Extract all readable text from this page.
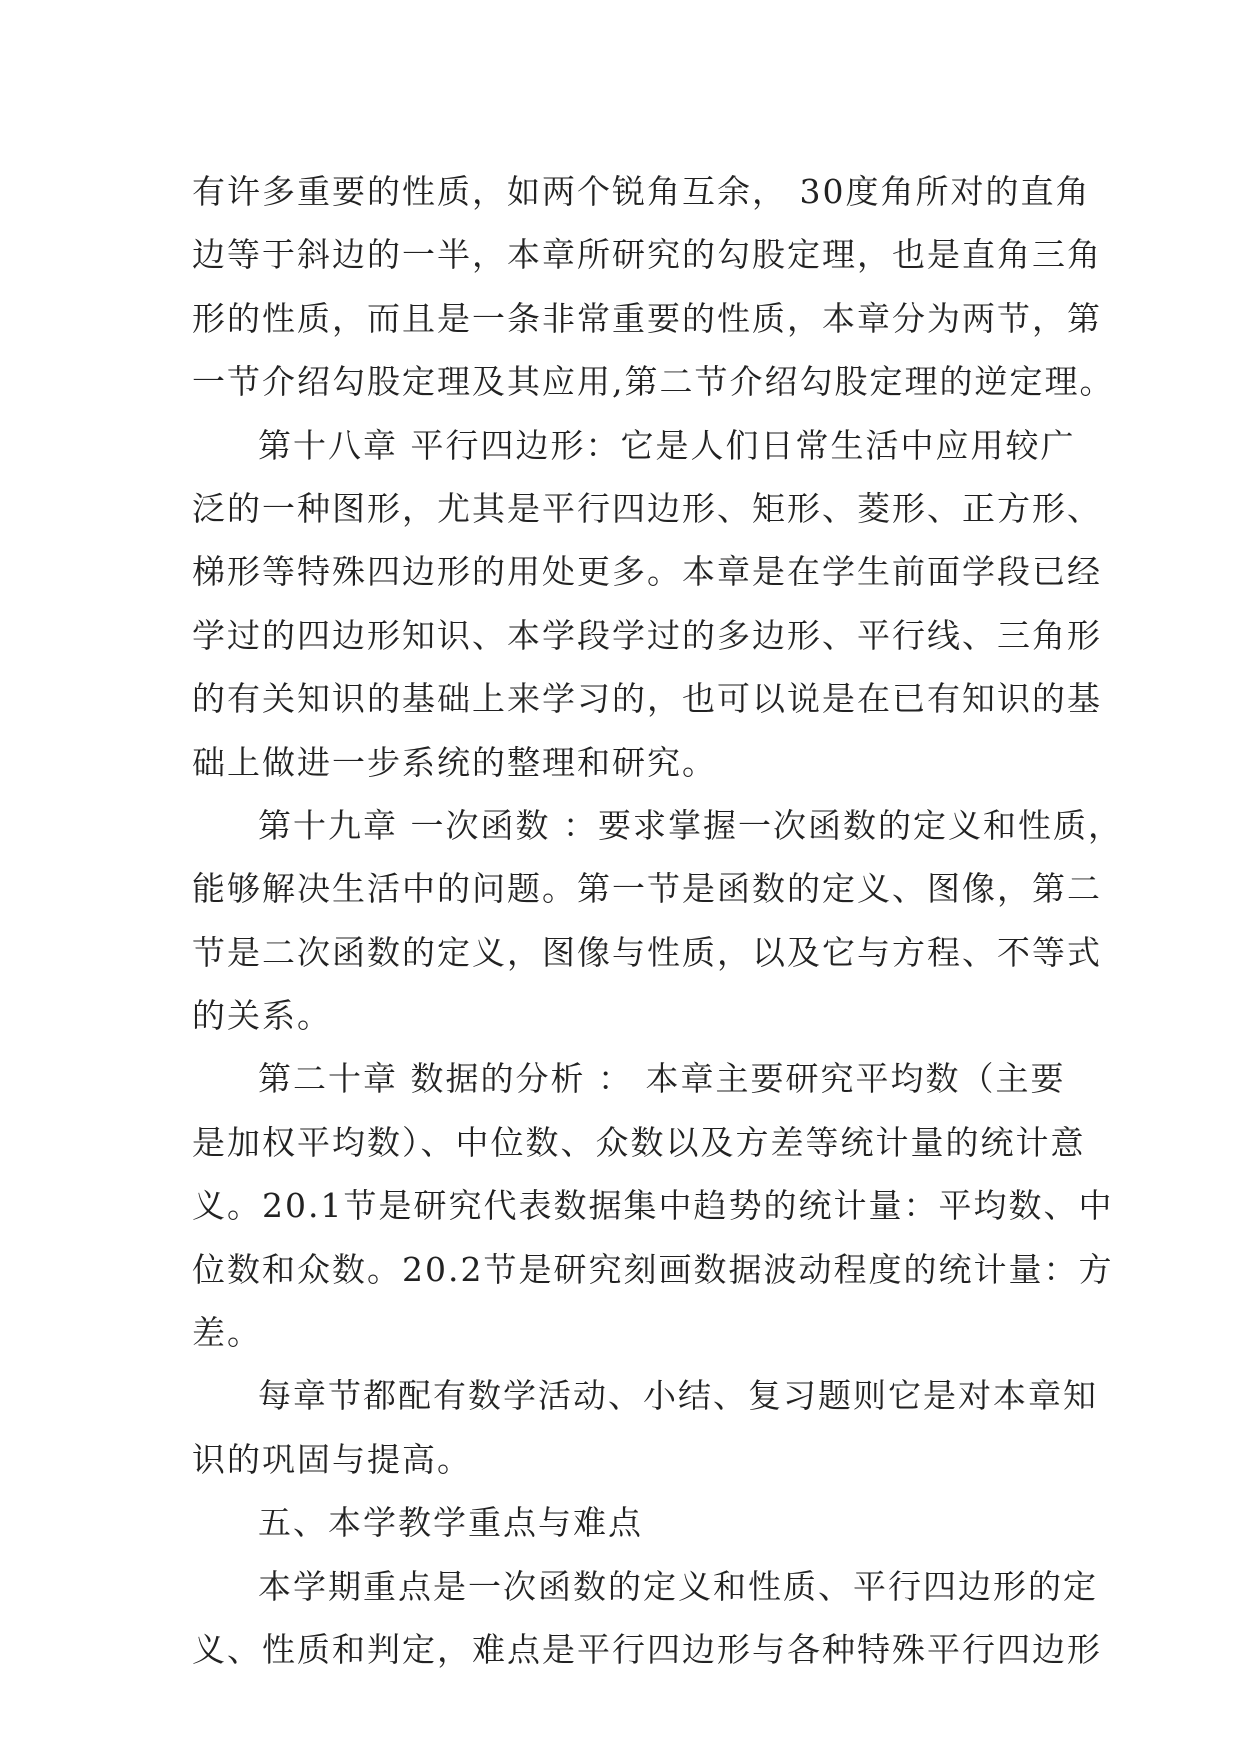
有许多重要的性质，如两个锐角互余， 30度角所对的直角
边等于斜边的一半，本章所研究的勾股定理，也是直角三角
形的性质，而且是一条非常重要的性质，本章分为两节，第
一节介绍勾股定理及其应用,第二节介绍勾股定理的逆定理。
第十八章 平行四边形：它是人们日常生活中应用较广
泛的一种图形，尤其是平行四边形、矩形、菱形、正方形、
梯形等特殊四边形的用处更多。本章是在学生前面学段已经
学过的四边形知识、本学段学过的多边形、平行线、三角形
的有关知识的基础上来学习的，也可以说是在已有知识的基
础上做进一步系统的整理和研究。
第十九章 一次函数 ：要求掌握一次函数的定义和性质，
能够解决生活中的问题。第一节是函数的定义、图像，第二
节是二次函数的定义，图像与性质，以及它与方程、不等式
的关系。
第二十章 数据的分析 ： 本章主要研究平均数（主要
是加权平均数）、中位数、众数以及方差等统计量的统计意
义。20.1节是研究代表数据集中趋势的统计量：平均数、中
位数和众数。20.2节是研究刻画数据波动程度的统计量：方
差。
每章节都配有数学活动、小结、复习题则它是对本章知
识的巩固与提高。
五、本学教学重点与难点
本学期重点是一次函数的定义和性质、平行四边形的定
义、性质和判定，难点是平行四边形与各种特殊平行四边形
